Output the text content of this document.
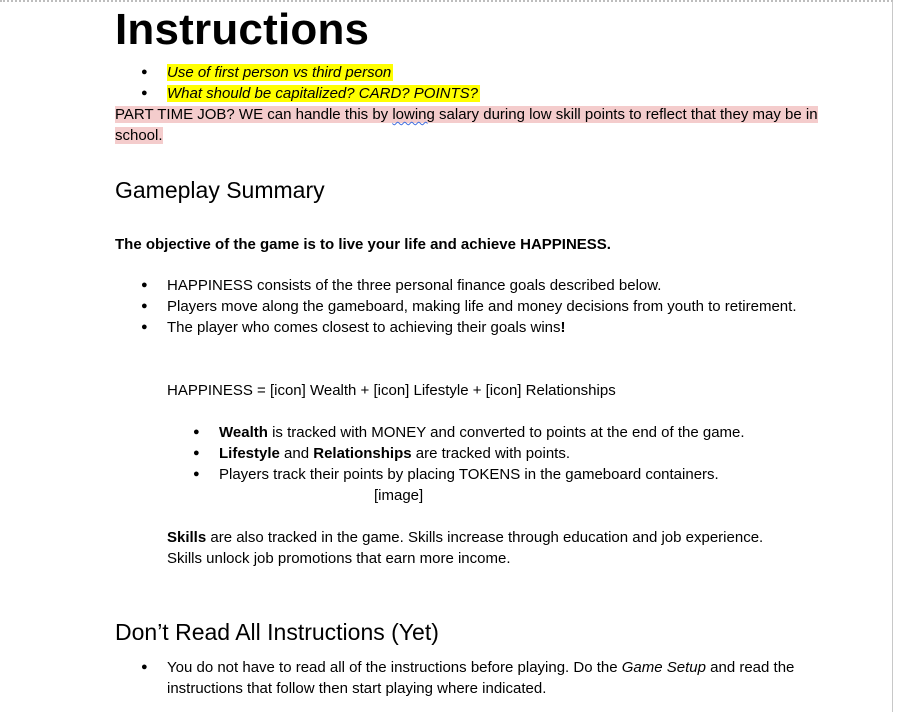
Instructions
● Use of first person vs third person
● What should be capitalized? CARD? POINTS?

PART TIME JOB? WE can handle this by lowing salary during low skill points to reflect that they may be in school.

Gameplay Summary

The objective of the game is to live your life and achieve HAPPINESS.

● HAPPINESS consists of the three personal finance goals described below.
● Players move along the gameboard, making life and money decisions from youth to retirement.
● The player who comes closest to achieving their goals wins!

HAPPINESS = [icon] Wealth + [icon] Lifestyle + [icon] Relationships

● Wealth is tracked with MONEY and converted to points at the end of the game.
● Lifestyle and Relationships are tracked with points.
● Players track their points by placing TOKENS in the gameboard containers.

[image]

Skills are also tracked in the game. Skills increase through education and job experience.
Skills unlock job promotions that earn more income.

Don’t Read All Instructions (Yet)
● You do not have to read all of the instructions before playing. Do the Game Setup and read the instructions that follow then start playing where indicated.
